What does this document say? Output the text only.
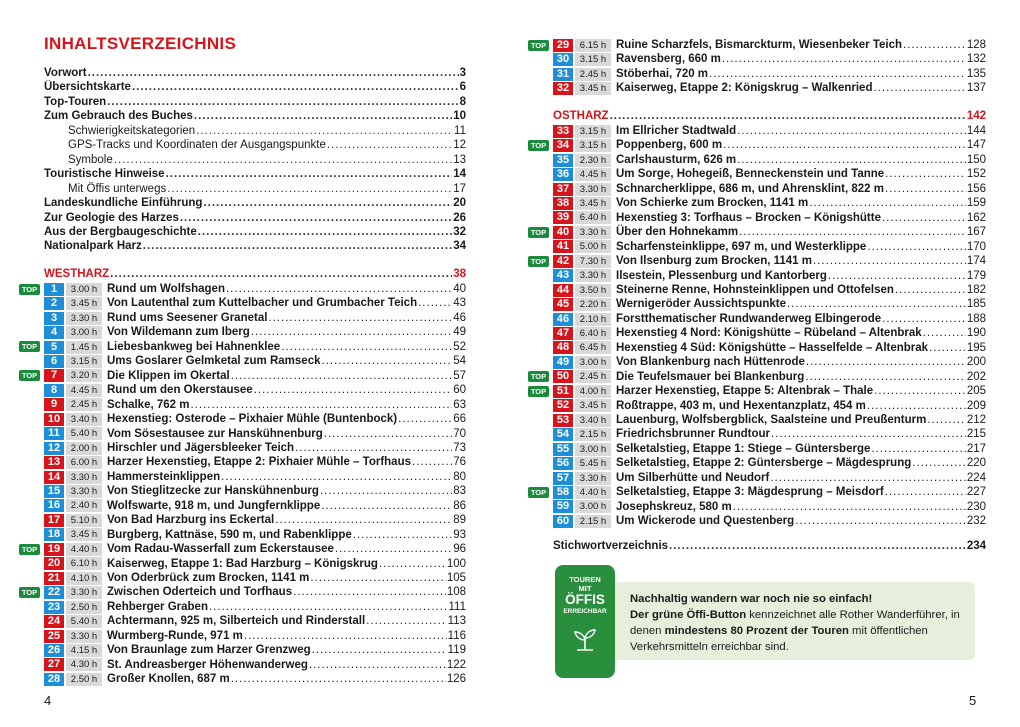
INHALTSVERZEICHNIS
Vorwort .....	3
Übersichtskarte .....	6
Top-Touren .....	8
Zum Gebrauch des Buches .....	10
Schwierigkeitskategorien .....	11
GPS-Tracks und Koordinaten der Ausgangspunkte .....	12
Symbole .....	13
Touristische Hinweise .....	14
Mit Öffis unterwegs .....	17
Landeskundliche Einführung .....	20
Zur Geologie des Harzes .....	26
Aus der Bergbaugeschichte .....	32
Nationalpark Harz .....	34
WESTHARZ .....	38
TOP	1	3.00 h Rund um Wolfshagen .....	40
2	3.45 h Von Lautenthal zum Kuttelbacher und Grumbacher Teich .....	43
3	3.30 h Rund ums Seesener Granetal .....	46
4	3.00 h Von Wildemann zum Iberg .....	49
TOP	5	1.45 h Liebesbankweg bei Hahnenklee .....	52
6	3.15 h Ums Goslarer Gelmketal zum Ramseck .....	54
TOP	7	3.20 h Die Klippen im Okertal .....	57
8	4.45 h Rund um den Okerstausee .....	60
9	2.45 h Schalke, 762 m .....	63
10	3.40 h Hexenstieg: Osterode – Pixhaier Mühle (Buntenbock) .....	66
11	5.40 h Vom Sösestausee zur Hanskühnenburg .....	70
12	2.00 h Hirschler und Jägersbleeker Teich .....	73
13	6.00 h Harzer Hexenstieg, Etappe 2: Pixhaier Mühle – Torfhaus .....	76
14	3.30 h Hammersteinklippen .....	80
15	3.30 h Von Stieglitzecke zur Hanskühnenburg .....	83
16	2.40 h Wolfswarte, 918 m, und Jungfernklippe .....	86
17	5.10 h Von Bad Harzburg ins Eckertal .....	89
18	3.45 h Burgberg, Kattnäse, 590 m, und Rabenklippe .....	93
TOP 19	4.40 h Vom Radau-Wasserfall zum Eckerstausee .....	96
20	6.10 h Kaiserweg, Etappe 1: Bad Harzburg – Königskrug .....	100
21	4.10 h Von Oderbrück zum Brocken, 1141 m .....	105
TOP 22	3.30 h Zwischen Oderteich und Torfhaus .....	108
23	2.50 h Rehberger Graben .....	111
24	5.40 h Achtermann, 925 m, Silberteich und Rinderstall .....	113
25	3.30 h Wurmberg-Runde, 971 m .....	116
26	4.15 h Von Braunlage zum Harzer Grenzweg .....	119
27	4.30 h St. Andreasberger Höhenwanderweg .....	122
28	2.50 h Großer Knollen, 687 m .....	126
4
TOP 29	6.15 h Ruine Scharzfels, Bismarckturm, Wiesenbeker Teich .....	128
30	3.15 h Ravensberg, 660 m .....	132
31	2.45 h Stöberhai, 720 m .....	135
32	3.45 h Kaiserweg, Etappe 2: Königskrug – Walkenried .....	137
OSTHARZ .....	142
33	3.15 h Im Ellricher Stadtwald .....	144
TOP 34	3.15 h Poppenberg, 600 m .....	147
35	2.30 h Carlshausturm, 626 m .....	150
36	4.45 h Um Sorge, Hohegeiß, Benneckenstein und Tanne .....	152
37	3.30 h Schnarcherklippe, 686 m, und Ahrensklint, 822 m .....	156
38	3.45 h Von Schierke zum Brocken, 1141 m .....	159
39	6.40 h Hexenstieg 3: Torfhaus – Brocken – Königshütte .....	162
TOP 40	3.30 h Über den Hohnekamm .....	167
41	5.00 h Scharfensteinklippe, 697 m, und Westerklippe .....	170
TOP 42	7.30 h Von Ilsenburg zum Brocken, 1141 m .....	174
43	3.30 h Ilsestein, Plessenburg und Kantorberg .....	179
44	3.50 h Steinerne Renne, Hohnsteinklippen und Ottofelsen .....	182
45	2.20 h Wernigeröder Aussichtspunkte .....	185
46	2.10 h Forstthematischer Rundwanderweg Elbingerode .....	188
47	6.40 h Hexenstieg 4 Nord: Königshütte – Rübeland – Altenbrak .....	190
48	6.45 h Hexenstieg 4 Süd: Königshütte – Hasselfelde – Altenbrak .....	195
49	3.00 h Von Blankenburg nach Hüttenrode .....	200
TOP 50	2.45 h Die Teufelsmauer bei Blankenburg .....	202
TOP 51	4.00 h Harzer Hexenstieg, Etappe 5: Altenbrak – Thale .....	205
52	3.45 h Roßtrappe, 403 m, und Hexentanzplatz, 454 m .....	209
53	3.40 h Lauenburg, Wolfsbergblick, Saalsteine und Preußenturm .....	212
54	2.15 h Friedrichsbrunner Rundtour .....	215
55	3.00 h Selketalstieg, Etappe 1: Stiege – Güntersberge .....	217
56	5.45 h Selketalstieg, Etappe 2: Güntersberge – Mägdesprung .....	220
57	3.30 h Um Silberhütte und Neudorf .....	224
TOP 58	4.40 h Selketalstieg, Etappe 3: Mägdesprung – Meisdorf .....	227
59	3.00 h Josephskreuz, 580 m .....	230
60	2.15 h Um Wickerode und Questenberg .....	232
Stichwortverzeichnis .....	234
5
TOUREN
MIT
ÖFFIS
ERREICHBAR
Nachhaltig wandern war noch nie so einfach!
Der grüne Öffi-Button kennzeichnet alle Rother Wanderführer, in denen mindestens 80 Prozent der Touren mit öffentlichen Verkehrsmitteln erreichbar sind.
